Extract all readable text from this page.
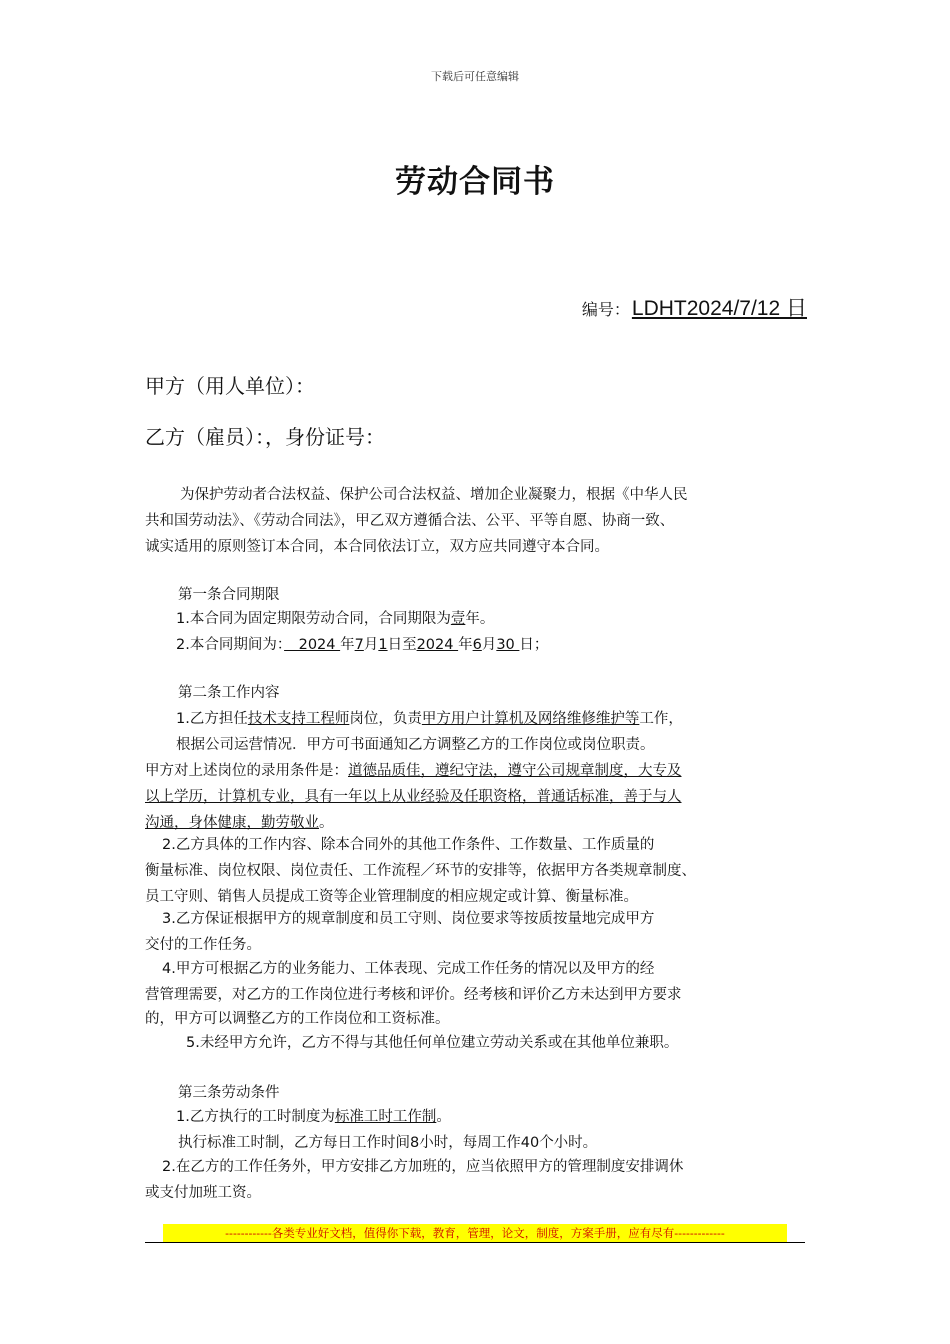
下载后可任意编辑
劳动合同书
编号：LDHT2024/7/12 日
甲方（用人单位）：
乙方（雇员）：，身份证号：
为保护劳动者合法权益、保护公司合法权益、增加企业凝聚力，根据《中华人民
共和国劳动法》、《劳动合同法》，甲乙双方遵循合法、公平、平等自愿、协商一致、
诚实适用的原则签订本合同，本合同依法订立，双方应共同遵守本合同。
第一条合同期限
1.本合同为固定期限劳动合同，合同期限为壹年。
2.本合同期间为：　2024 年7月1日至2024 年6月30 日；
第二条工作内容
1.乙方担任技术支持工程师岗位，负责甲方用户计算机及网络维修维护等工作，
根据公司运营情况．甲方可书面通知乙方调整乙方的工作岗位或岗位职责。
甲方对上述岗位的录用条件是：道德品质佳，遵纪守法，遵守公司规章制度，大专及
以上学历，计算机专业，具有一年以上从业经验及任职资格，普通话标准，善于与人
沟通，身体健康，勤劳敬业。
2.乙方具体的工作内容、除本合同外的其他工作条件、工作数量、工作质量的
衡量标准、岗位权限、岗位责任、工作流程／环节的安排等，依据甲方各类规章制度、
员工守则、销售人员提成工资等企业管理制度的相应规定或计算、衡量标准。
3.乙方保证根据甲方的规章制度和员工守则、岗位要求等按质按量地完成甲方
交付的工作任务。
4.甲方可根据乙方的业务能力、工体表现、完成工作任务的情况以及甲方的经
营管理需要，对乙方的工作岗位进行考核和评价。经考核和评价乙方未达到甲方要求
的，甲方可以调整乙方的工作岗位和工资标准。
5.未经甲方允许，乙方不得与其他任何单位建立劳动关系或在其他单位兼职。
第三条劳动条件
1.乙方执行的工时制度为标准工时工作制。
执行标准工时制，乙方每日工作时间8小时，每周工作40个小时。
2.在乙方的工作任务外，甲方安排乙方加班的，应当依照甲方的管理制度安排调休
或支付加班工资。
------------各类专业好文档，值得你下载，教育，管理，论文，制度，方案手册，应有尽有-------------
